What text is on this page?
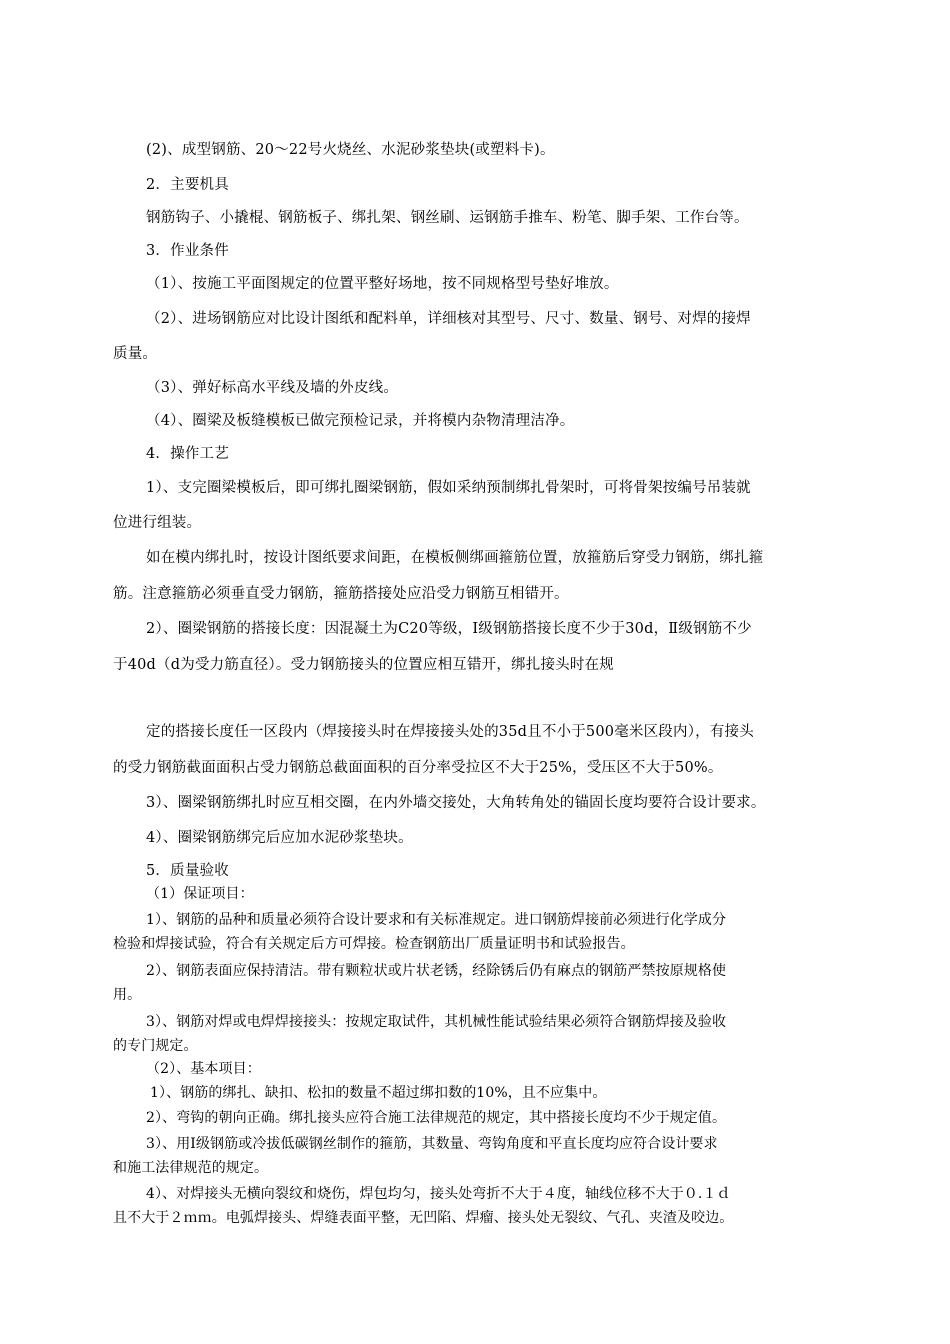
(2)、成型钢筋、20～22号火烧丝、水泥砂浆垫块(或塑料卡)。
2．主要机具
钢筋钩子、小撬棍、钢筋板子、绑扎架、钢丝刷、运钢筋手推车、粉笔、脚手架、工作台等。
3．作业条件
（1）、按施工平面图规定的位置平整好场地，按不同规格型号垫好堆放。
（2）、进场钢筋应对比设计图纸和配料单，详细核对其型号、尺寸、数量、钢号、对焊的接焊
质量。
（3）、弹好标高水平线及墙的外皮线。
（4）、圈梁及板缝模板已做完预检记录，并将模内杂物清理洁净。
4．操作工艺
1）、支完圈梁模板后，即可绑扎圈梁钢筋，假如采纳预制绑扎骨架时，可将骨架按编号吊装就
位进行组装。
如在模内绑扎时，按设计图纸要求间距，在模板侧绑画箍筋位置，放箍筋后穿受力钢筋，绑扎箍
筋。注意箍筋必须垂直受力钢筋，箍筋搭接处应沿受力钢筋互相错开。
2）、圈梁钢筋的搭接长度：因混凝土为C20等级，Ⅰ级钢筋搭接长度不少于30d，Ⅱ级钢筋不少
于40d（d为受力筋直径）。受力钢筋接头的位置应相互错开，绑扎接头时在规
定的搭接长度任一区段内（焊接接头时在焊接接头处的35d且不小于500毫米区段内），有接头
的受力钢筋截面面积占受力钢筋总截面面积的百分率受拉区不大于25%，受压区不大于50%。
3）、圈梁钢筋绑扎时应互相交圈，在内外墙交接处，大角转角处的锚固长度均要符合设计要求。
4）、圈梁钢筋绑完后应加水泥砂浆垫块。
5．质量验收
（1）保证项目：
1）、钢筋的品种和质量必须符合设计要求和有关标准规定。进口钢筋焊接前必须进行化学成分
检验和焊接试验，符合有关规定后方可焊接。检查钢筋出厂质量证明书和试验报告。
2）、钢筋表面应保持清洁。带有颗粒状或片状老锈，经除锈后仍有麻点的钢筋严禁按原规格使
用。
3）、钢筋对焊或电焊焊接接头：按规定取试件，其机械性能试验结果必须符合钢筋焊接及验收
的专门规定。
（2）、基本项目：
1）、钢筋的绑扎、缺扣、松扣的数量不超过绑扣数的10%，且不应集中。
2）、弯钩的朝向正确。绑扎接头应符合施工法律规范的规定，其中搭接长度均不少于规定值。
3）、用Ⅰ级钢筋或冷拔低碳钢丝制作的箍筋，其数量、弯钩角度和平直长度均应符合设计要求
和施工法律规范的规定。
4）、对焊接头无横向裂纹和烧伤，焊包均匀，接头处弯折不大于４度，轴线位移不大于０.１ｄ
且不大于２ｍｍ。电弧焊接头、焊缝表面平整，无凹陷、焊瘤、接头处无裂纹、气孔、夹渣及咬边。
